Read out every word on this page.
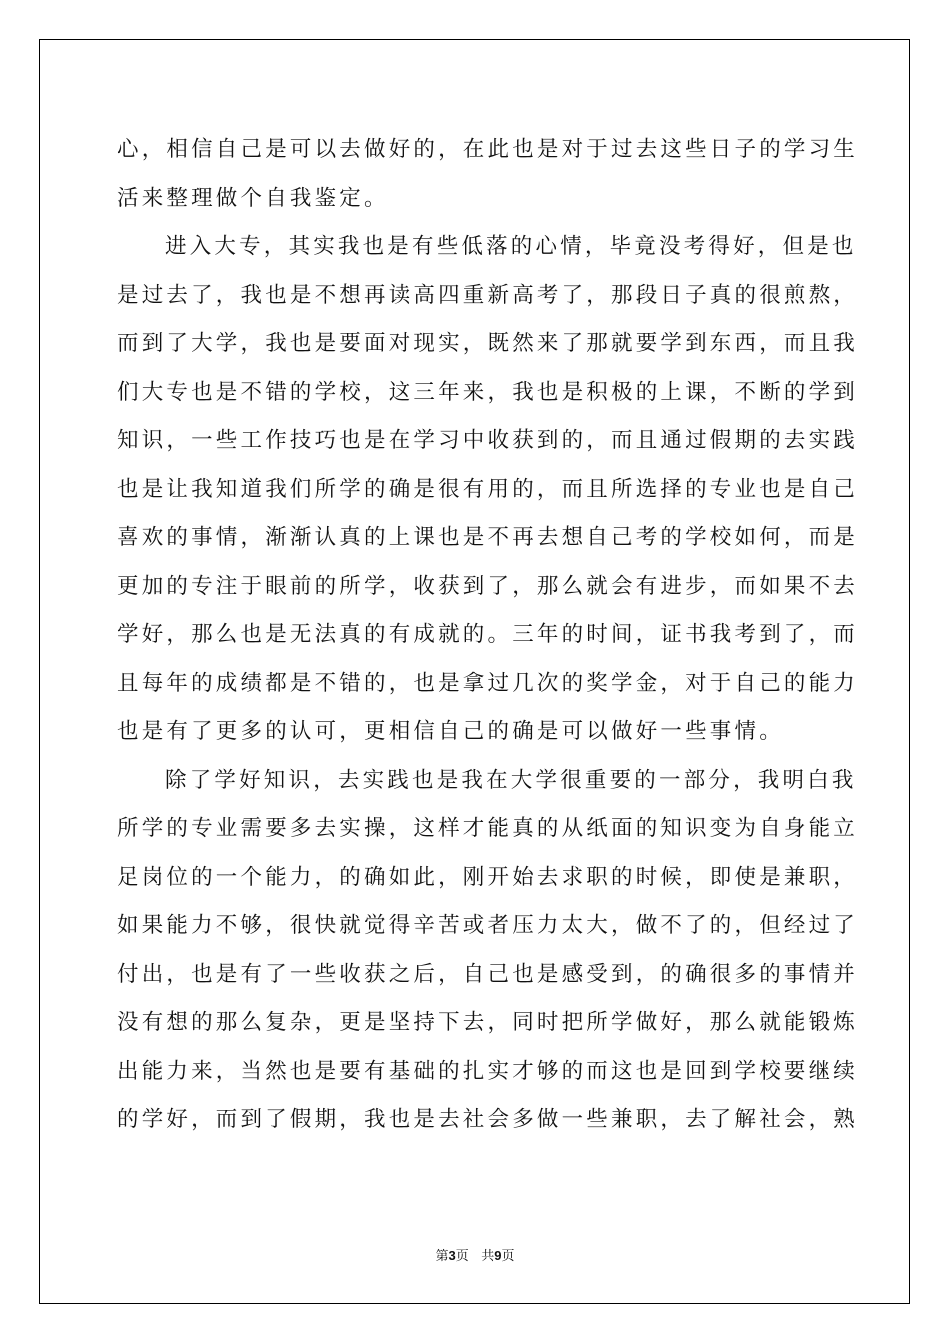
心，相信自己是可以去做好的，在此也是对于过去这些日子的学习生
活来整理做个自我鉴定。
进入大专，其实我也是有些低落的心情，毕竟没考得好，但是也
是过去了，我也是不想再读高四重新高考了，那段日子真的很煎熬，
而到了大学，我也是要面对现实，既然来了那就要学到东西，而且我
们大专也是不错的学校，这三年来，我也是积极的上课，不断的学到
知识，一些工作技巧也是在学习中收获到的，而且通过假期的去实践
也是让我知道我们所学的确是很有用的，而且所选择的专业也是自己
喜欢的事情，渐渐认真的上课也是不再去想自己考的学校如何，而是
更加的专注于眼前的所学，收获到了，那么就会有进步，而如果不去
学好，那么也是无法真的有成就的。三年的时间，证书我考到了，而
且每年的成绩都是不错的，也是拿过几次的奖学金，对于自己的能力
也是有了更多的认可，更相信自己的确是可以做好一些事情。
除了学好知识，去实践也是我在大学很重要的一部分，我明白我
所学的专业需要多去实操，这样才能真的从纸面的知识变为自身能立
足岗位的一个能力，的确如此，刚开始去求职的时候，即使是兼职，
如果能力不够，很快就觉得辛苦或者压力太大，做不了的，但经过了
付出，也是有了一些收获之后，自己也是感受到，的确很多的事情并
没有想的那么复杂，更是坚持下去，同时把所学做好，那么就能锻炼
出能力来，当然也是要有基础的扎实才够的而这也是回到学校要继续
的学好，而到了假期，我也是去社会多做一些兼职，去了解社会，熟
第3页 共9页
